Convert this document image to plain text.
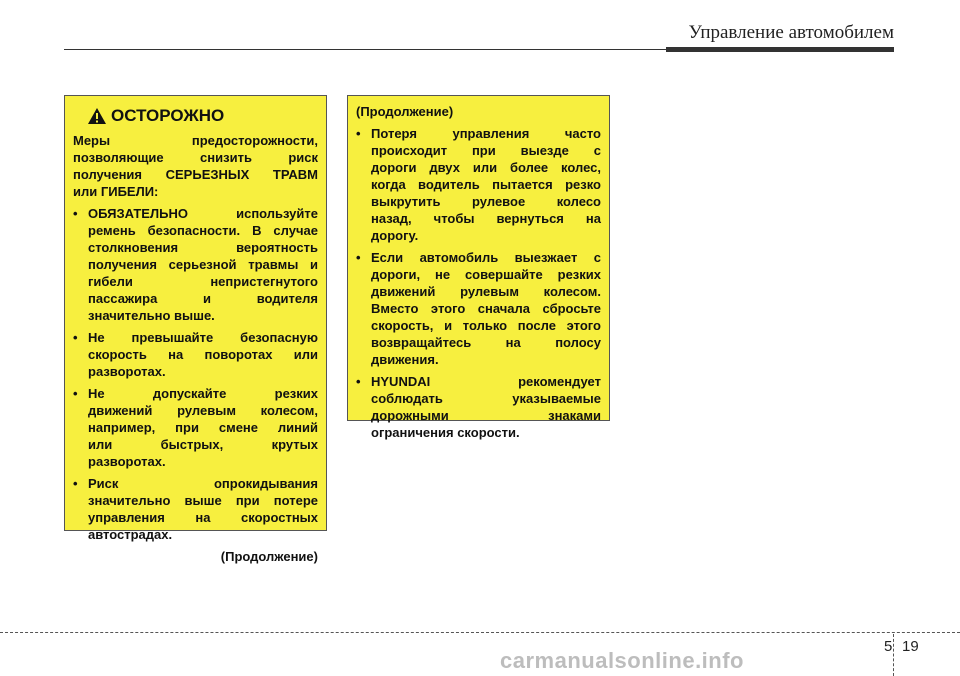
Управление автомобилем
ОСТОРОЖНО
Меры предосторожности,
позволяющие снизить риск
получения СЕРЬЕЗНЫХ ТРАВМ
или ГИБЕЛИ:
• ОБЯЗАТЕЛЬНО используйте
ремень безопасности. В случае
столкновения вероятность
получения серьезной травмы и
гибели непристегнутого
пассажира и водителя
значительно выше.
• Не превышайте безопасную
скорость на поворотах или
разворотах.
• Не допускайте резких
движений рулевым колесом,
например, при смене линий
или быстрых, крутых
разворотах.
• Риск опрокидывания
значительно выше при потере
управления на скоростных
автострадах.
(Продолжение)
(Продолжение)
• Потеря управления часто
происходит при выезде с
дороги двух или более колес,
когда водитель пытается резко
выкрутить рулевое колесо
назад, чтобы вернуться на
дорогу.
• Если автомобиль выезжает с
дороги, не совершайте резких
движений рулевым колесом.
Вместо этого сначала сбросьте
скорость, и только после этого
возвращайтесь на полосу
движения.
• HYUNDAI рекомендует
соблюдать указываемые
дорожными знаками
ограничения скорости.
5 19
carmanualsonline.info
